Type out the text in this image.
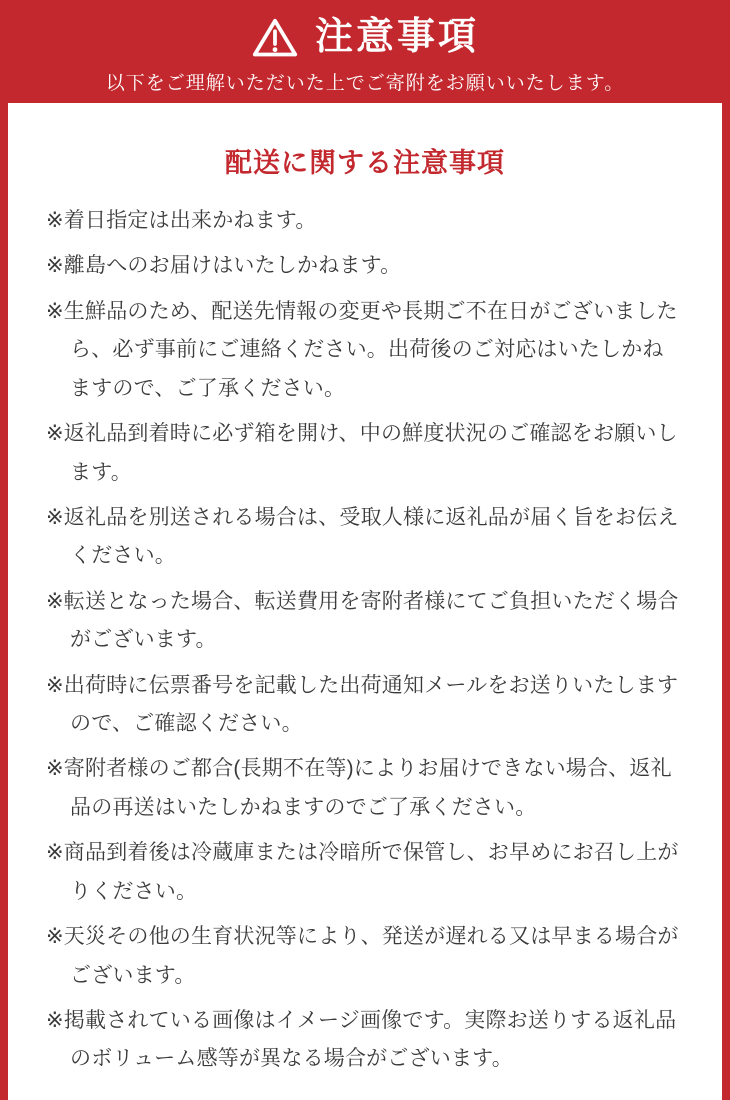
注意事項

以下をご理解いただいた上でご寄附をお願いいたします。

配送に関する注意事項
※着日指定は出来かねます。
※離島へのお届けはいたしかねます。
※生鮮品のため、配送先情報の変更や長期ご不在日がございましたら、必ず事前にご連絡ください。出荷後のご対応はいたしかねますので、ご了承ください。
※返礼品到着時に必ず箱を開け、中の鮮度状況のご確認をお願いします。
※返礼品を別送される場合は、受取人様に返礼品が届く旨をお伝えください。
※転送となった場合、転送費用を寄附者様にてご負担いただく場合がございます。
※出荷時に伝票番号を記載した出荷通知メールをお送りいたしますので、ご確認ください。
※寄附者様のご都合(長期不在等)によりお届けできない場合、返礼品の再送はいたしかねますのでご了承ください。
※商品到着後は冷蔵庫または冷暗所で保管し、お早めにお召し上がりください。
※天災その他の生育状況等により、発送が遅れる又は早まる場合がございます。
※掲載されている画像はイメージ画像です。実際お送りする返礼品のボリューム感等が異なる場合がございます。
